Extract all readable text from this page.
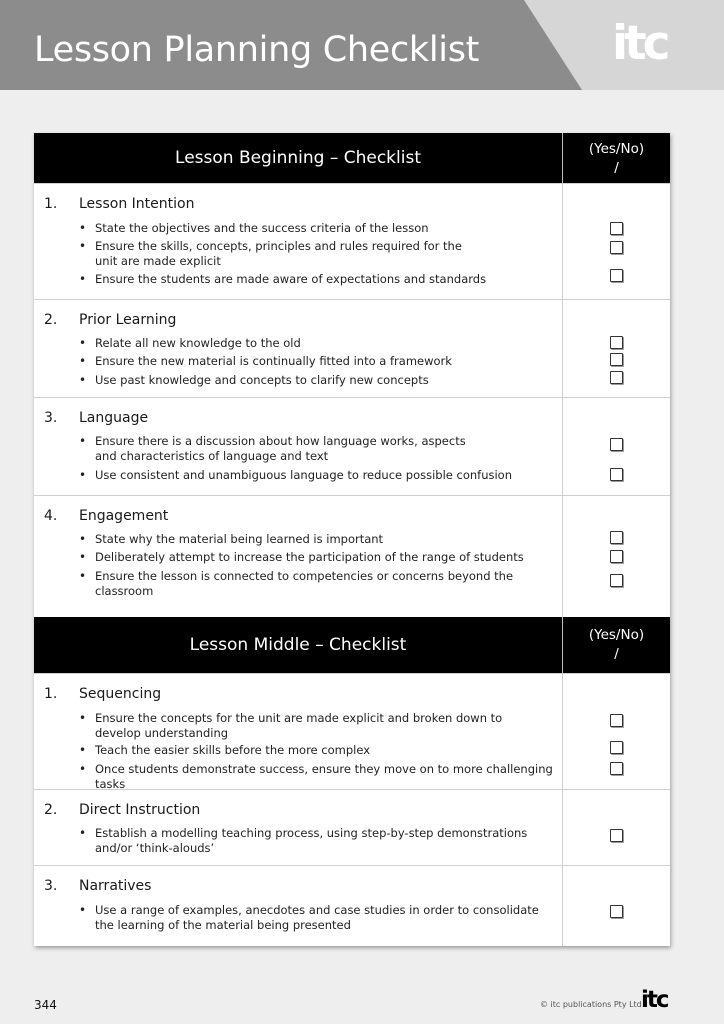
Lesson Planning Checklist	itc
Lesson Beginning – Checklist	(Yes/No)
/
1. Lesson Intention
• State the objectives and the success criteria of the lesson
• Ensure the skills, concepts, principles and rules required for the
unit are made explicit
• Ensure the students are made aware of expectations and standards
2. Prior Learning
• Relate all new knowledge to the old
• Ensure the new material is continually fitted into a framework
• Use past knowledge and concepts to clarify new concepts
3. Language
• Ensure there is a discussion about how language works, aspects
and characteristics of language and text
• Use consistent and unambiguous language to reduce possible confusion
4. Engagement
• State why the material being learned is important
• Deliberately attempt to increase the participation of the range of students
• Ensure the lesson is connected to competencies or concerns beyond the classroom
Lesson Middle – Checklist	(Yes/No)
/
1. Sequencing
• Ensure the concepts for the unit are made explicit and broken down to
develop understanding
• Teach the easier skills before the more complex
• Once students demonstrate success, ensure they move on to more challenging tasks
2. Direct Instruction
• Establish a modelling teaching process, using step-by-step demonstrations
and/or ‘think-alouds’
3. Narratives
• Use a range of examples, anecdotes and case studies in order to consolidate
the learning of the material being presented
344	© itc publications Pty Ltd itc
